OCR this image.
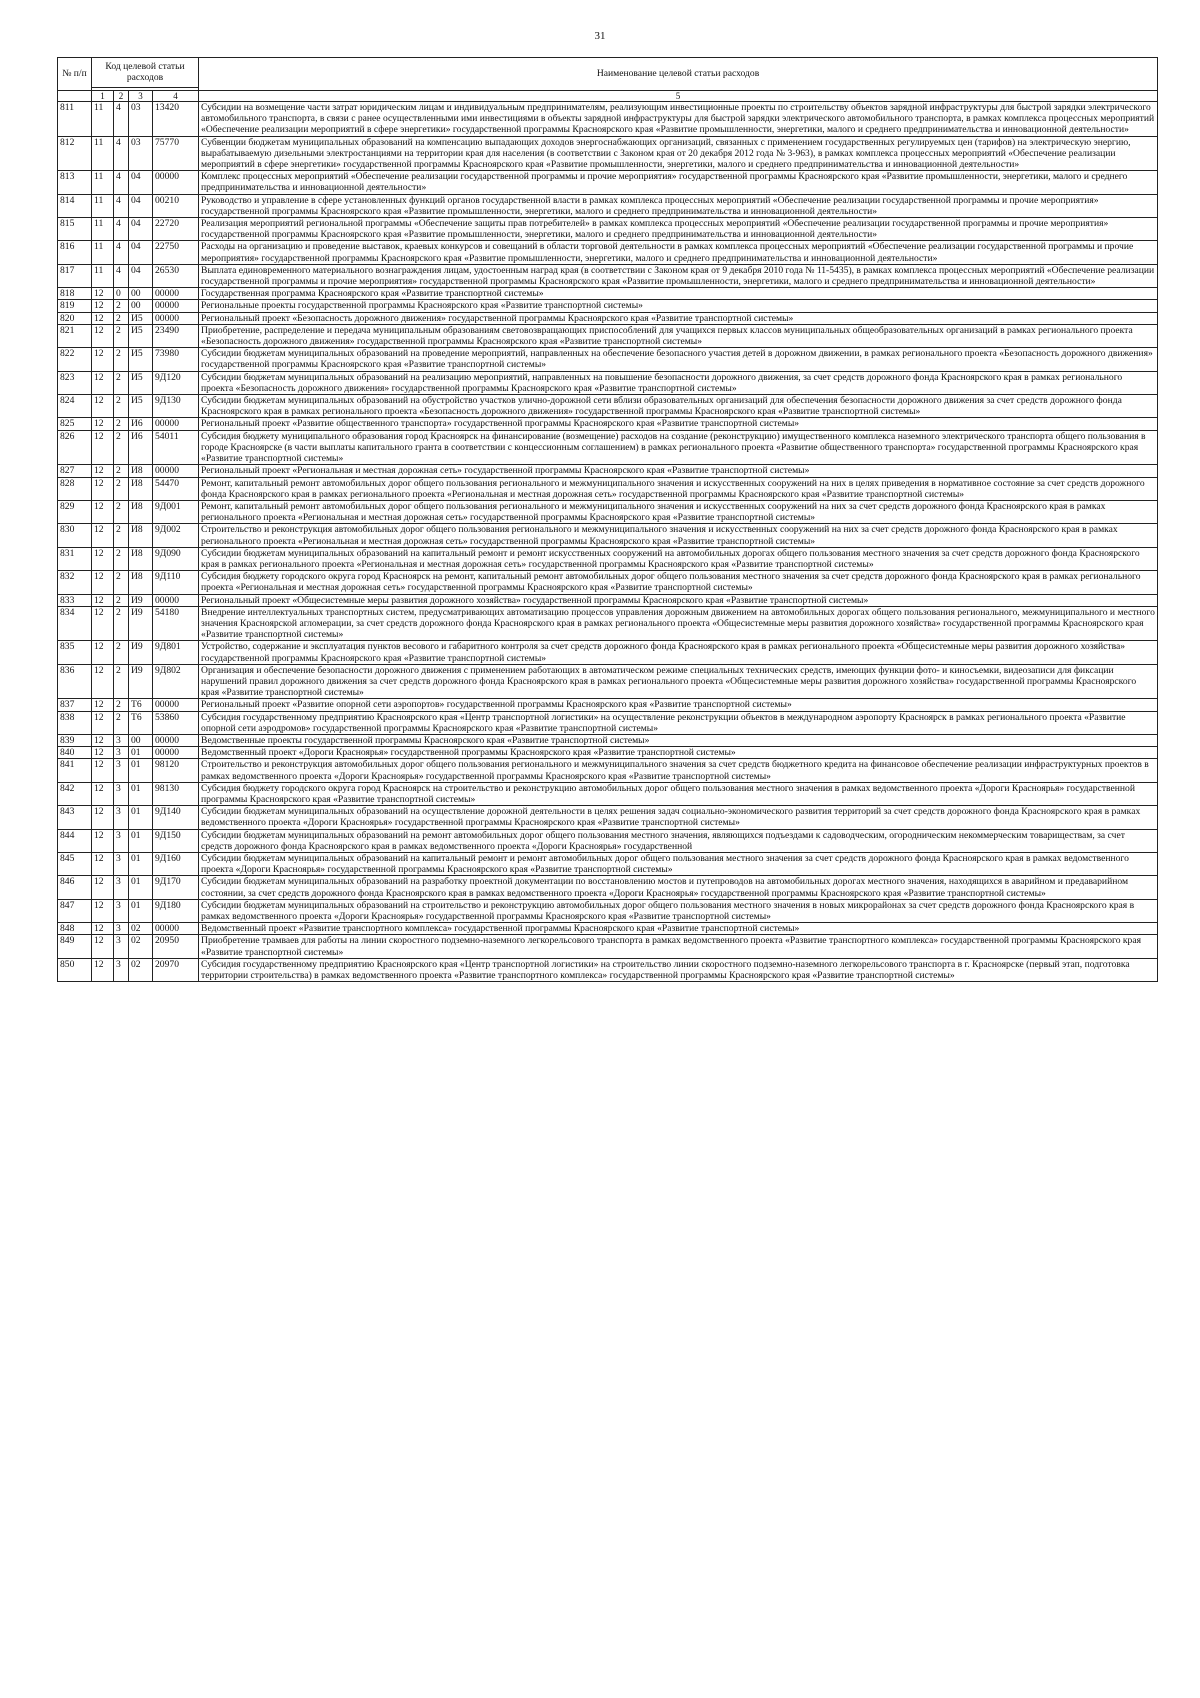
31
№ п/п	Код целевой статьи расходов				Наименование целевой статьи расходов

	1	2	3	4	5
811	11	4	03	13420	Субсидии на возмещение части затрат юридическим лицам и индивидуальным предпринимателям, реализующим инвестиционные проекты по строительству объектов зарядной инфраструктуры для быстрой зарядки электрического автомобильного транспорта, в связи с ранее осуществленными ими инвестициями в объекты зарядной инфраструктуры для быстрой зарядки электрического автомобильного транспорта, в рамках комплекса процессных мероприятий «Обеспечение реализации мероприятий в сфере энергетики» государственной программы Красноярского края «Развитие промышленности, энергетики, малого и среднего предпринимательства и инновационной деятельности»
812	11	4	03	75770	Субвенции бюджетам муниципальных образований на компенсацию выпадающих доходов энергоснабжающих организаций, связанных с применением государственных регулируемых цен (тарифов) на электрическую энергию, вырабатываемую дизельными электростанциями на территории края для населения (в соответствии с Законом края от 20 декабря 2012 года № 3-963), в рамках комплекса процессных мероприятий «Обеспечение реализации мероприятий в сфере энергетики» государственной программы Красноярского края «Развитие промышленности, энергетики, малого и среднего предпринимательства и инновационной деятельности»
813	11	4	04	00000	Комплекс процессных мероприятий «Обеспечение реализации государственной программы и прочие мероприятия» государственной программы Красноярского края «Развитие промышленности, энергетики, малого и среднего предпринимательства и инновационной деятельности»
814	11	4	04	00210	Руководство и управление в сфере установленных функций органов государственной власти в рамках комплекса процессных мероприятий «Обеспечение реализации государственной программы и прочие мероприятия» государственной программы Красноярского края «Развитие промышленности, энергетики, малого и среднего предпринимательства и инновационной деятельности»
815	11	4	04	22720	Реализация мероприятий региональной программы «Обеспечение защиты прав потребителей» в рамках комплекса процессных мероприятий «Обеспечение реализации государственной программы и прочие мероприятия» государственной программы Красноярского края «Развитие промышленности, энергетики, малого и среднего предпринимательства и инновационной деятельности»
816	11	4	04	22750	Расходы на организацию и проведение выставок, краевых конкурсов и совещаний в области торговой деятельности в рамках комплекса процессных мероприятий «Обеспечение реализации государственной программы и прочие мероприятия» государственной программы Красноярского края «Развитие промышленности, энергетики, малого и среднего предпринимательства и инновационной деятельности»
817	11	4	04	26530	Выплата единовременного материального вознаграждения лицам, удостоенным наград края (в соответствии с Законом края от 9 декабря 2010 года № 11-5435), в рамках комплекса процессных мероприятий «Обеспечение реализации государственной программы и прочие мероприятия» государственной программы Красноярского края «Развитие промышленности, энергетики, малого и среднего предпринимательства и инновационной деятельности»
818	12	0	00	00000	Государственная программа Красноярского края «Развитие транспортной системы»
819	12	2	00	00000	Региональные проекты государственной программы Красноярского края «Развитие транспортной системы»
820	12	2	И5	00000	Региональный проект «Безопасность дорожного движения» государственной программы Красноярского края «Развитие транспортной системы»
821	12	2	И5	23490	Приобретение, распределение и передача муниципальным образованиям световозвращающих приспособлений для учащихся первых классов муниципальных общеобразовательных организаций в рамках регионального проекта «Безопасность дорожного движения» государственной программы Красноярского края «Развитие транспортной системы»
822	12	2	И5	73980	Субсидии бюджетам муниципальных образований на проведение мероприятий, направленных на обеспечение безопасного участия детей в дорожном движении, в рамках регионального проекта «Безопасность дорожного движения» государственной программы Красноярского края «Развитие транспортной системы»
823	12	2	И5	9Д120	Субсидии бюджетам муниципальных образований на реализацию мероприятий, направленных на повышение безопасности дорожного движения, за счет средств дорожного фонда Красноярского края в рамках регионального проекта «Безопасность дорожного движения» государственной программы Красноярского края «Развитие транспортной системы»
824	12	2	И5	9Д130	Субсидии бюджетам муниципальных образований на обустройство участков улично-дорожной сети вблизи образовательных организаций для обеспечения безопасности дорожного движения за счет средств дорожного фонда Красноярского края в рамках регионального проекта «Безопасность дорожного движения» государственной программы Красноярского края «Развитие транспортной системы»
825	12	2	И6	00000	Региональный проект «Развитие общественного транспорта» государственной программы Красноярского края «Развитие транспортной системы»
826	12	2	И6	54011	Субсидия бюджету муниципального образования город Красноярск на финансирование (возмещение) расходов на создание (реконструкцию) имущественного комплекса наземного электрического транспорта общего пользования в городе Красноярске (в части выплаты капитального гранта в соответствии с концессионным соглашением) в рамках регионального проекта «Развитие общественного транспорта» государственной программы Красноярского края «Развитие транспортной системы»
827	12	2	И8	00000	Региональный проект «Региональная и местная дорожная сеть» государственной программы Красноярского края «Развитие транспортной системы»
828	12	2	И8	54470	Ремонт, капитальный ремонт автомобильных дорог общего пользования регионального и межмуниципального значения и искусственных сооружений на них в целях приведения в нормативное состояние за счет средств дорожного фонда Красноярского края в рамках регионального проекта «Региональная и местная дорожная сеть» государственной программы Красноярского края «Развитие транспортной системы»
829	12	2	И8	9Д001	Ремонт, капитальный ремонт автомобильных дорог общего пользования регионального и межмуниципального значения и искусственных сооружений на них за счет средств дорожного фонда Красноярского края в рамках регионального проекта «Региональная и местная дорожная сеть» государственной программы Красноярского края «Развитие транспортной системы»
830	12	2	И8	9Д002	Строительство и реконструкция автомобильных дорог общего пользования регионального и межмуниципального значения и искусственных сооружений на них за счет средств дорожного фонда Красноярского края в рамках регионального проекта «Региональная и местная дорожная сеть» государственной программы Красноярского края «Развитие транспортной системы»
831	12	2	И8	9Д090	Субсидии бюджетам муниципальных образований на капитальный ремонт и ремонт искусственных сооружений на автомобильных дорогах общего пользования местного значения за счет средств дорожного фонда Красноярского края в рамках регионального проекта «Региональная и местная дорожная сеть» государственной программы Красноярского края «Развитие транспортной системы»
832	12	2	И8	9Д110	Субсидия бюджету городского округа город Красноярск на ремонт, капитальный ремонт автомобильных дорог общего пользования местного значения за счет средств дорожного фонда Красноярского края в рамках регионального проекта «Региональная и местная дорожная сеть» государственной программы Красноярского края «Развитие транспортной системы»
833	12	2	И9	00000	Региональный проект «Общесистемные меры развития дорожного хозяйства» государственной программы Красноярского края «Развитие транспортной системы»
834	12	2	И9	54180	Внедрение интеллектуальных транспортных систем, предусматривающих автоматизацию процессов управления дорожным движением на автомобильных дорогах общего пользования регионального, межмуниципального и местного значения Красноярской агломерации, за счет средств дорожного фонда Красноярского края в рамках регионального проекта «Общесистемные меры развития дорожного хозяйства» государственной программы Красноярского края «Развитие транспортной системы»
835	12	2	И9	9Д801	Устройство, содержание и эксплуатация пунктов весового и габаритного контроля за счет средств дорожного фонда Красноярского края в рамках регионального проекта «Общесистемные меры развития дорожного хозяйства» государственной программы Красноярского края «Развитие транспортной системы»
836	12	2	И9	9Д802	Организация и обеспечение безопасности дорожного движения с применением работающих в автоматическом режиме специальных технических средств, имеющих функции фото- и киносъемки, видеозаписи для фиксации нарушений правил дорожного движения за счет средств дорожного фонда Красноярского края в рамках регионального проекта «Общесистемные меры развития дорожного хозяйства» государственной программы Красноярского края «Развитие транспортной системы»
837	12	2	Т6	00000	Региональный проект «Развитие опорной сети аэропортов» государственной программы Красноярского края «Развитие транспортной системы»
838	12	2	Т6	53860	Субсидия государственному предприятию Красноярского края «Центр транспортной логистики» на осуществление реконструкции объектов в международном аэропорту Красноярск в рамках регионального проекта «Развитие опорной сети аэродромов» государственной программы Красноярского края «Развитие транспортной системы»
839	12	3	00	00000	Ведомственные проекты государственной программы Красноярского края «Развитие транспортной системы»
840	12	3	01	00000	Ведомственный проект «Дороги Красноярья» государственной программы Красноярского края «Развитие транспортной системы»
841	12	3	01	98120	Строительство и реконструкция автомобильных дорог общего пользования регионального и межмуниципального значения за счет средств бюджетного кредита на финансовое обеспечение реализации инфраструктурных проектов в рамках ведомственного проекта «Дороги Красноярья» государственной программы Красноярского края «Развитие транспортной системы»
842	12	3	01	98130	Субсидия бюджету городского округа город Красноярск на строительство и реконструкцию автомобильных дорог общего пользования местного значения в рамках ведомственного проекта «Дороги Красноярья» государственной программы Красноярского края «Развитие транспортной системы»
843	12	3	01	9Д140	Субсидии бюджетам муниципальных образований на осуществление дорожной деятельности в целях решения задач социально-экономического развития территорий за счет средств дорожного фонда Красноярского края в рамках ведомственного проекта «Дороги Красноярья» государственной программы Красноярского края «Развитие транспортной системы»
844	12	3	01	9Д150	Субсидии бюджетам муниципальных образований на ремонт автомобильных дорог общего пользования местного значения, являющихся подъездами к садоводческим, огородническим некоммерческим товариществам, за счет средств дорожного фонда Красноярского края в рамках ведомственного проекта «Дороги Красноярья» государственной
845	12	3	01	9Д160	Субсидии бюджетам муниципальных образований на капитальный ремонт и ремонт автомобильных дорог общего пользования местного значения за счет средств дорожного фонда Красноярского края в рамках ведомственного проекта «Дороги Красноярья» государственной программы Красноярского края «Развитие транспортной системы»
846	12	3	01	9Д170	Субсидии бюджетам муниципальных образований на разработку проектной документации по восстановлению мостов и путепроводов на автомобильных дорогах местного значения, находящихся в аварийном и предаварийном состоянии, за счет средств дорожного фонда Красноярского края в рамках ведомственного проекта «Дороги Красноярья» государственной программы Красноярского края «Развитие транспортной системы»
847	12	3	01	9Д180	Субсидии бюджетам муниципальных образований на строительство и реконструкцию автомобильных дорог общего пользования местного значения в новых микрорайонах за счет средств дорожного фонда Красноярского края в рамках ведомственного проекта «Дороги Красноярья» государственной программы Красноярского края «Развитие транспортной системы»
848	12	3	02	00000	Ведомственный проект «Развитие транспортного комплекса» государственной программы Красноярского края «Развитие транспортной системы»
849	12	3	02	20950	Приобретение трамваев для работы на линии скоростного подземно-наземного легкорельсового транспорта в рамках ведомственного проекта «Развитие транспортного комплекса» государственной программы Красноярского края «Развитие транспортной системы»
850	12	3	02	20970	Субсидия государственному предприятию Красноярского края «Центр транспортной логистики» на строительство линии скоростного подземно-наземного легкорельсового транспорта в г. Красноярске (первый этап, подготовка территории строительства) в рамках ведомственного проекта «Развитие транспортного комплекса» государственной программы Красноярского края «Развитие транспортной системы»
